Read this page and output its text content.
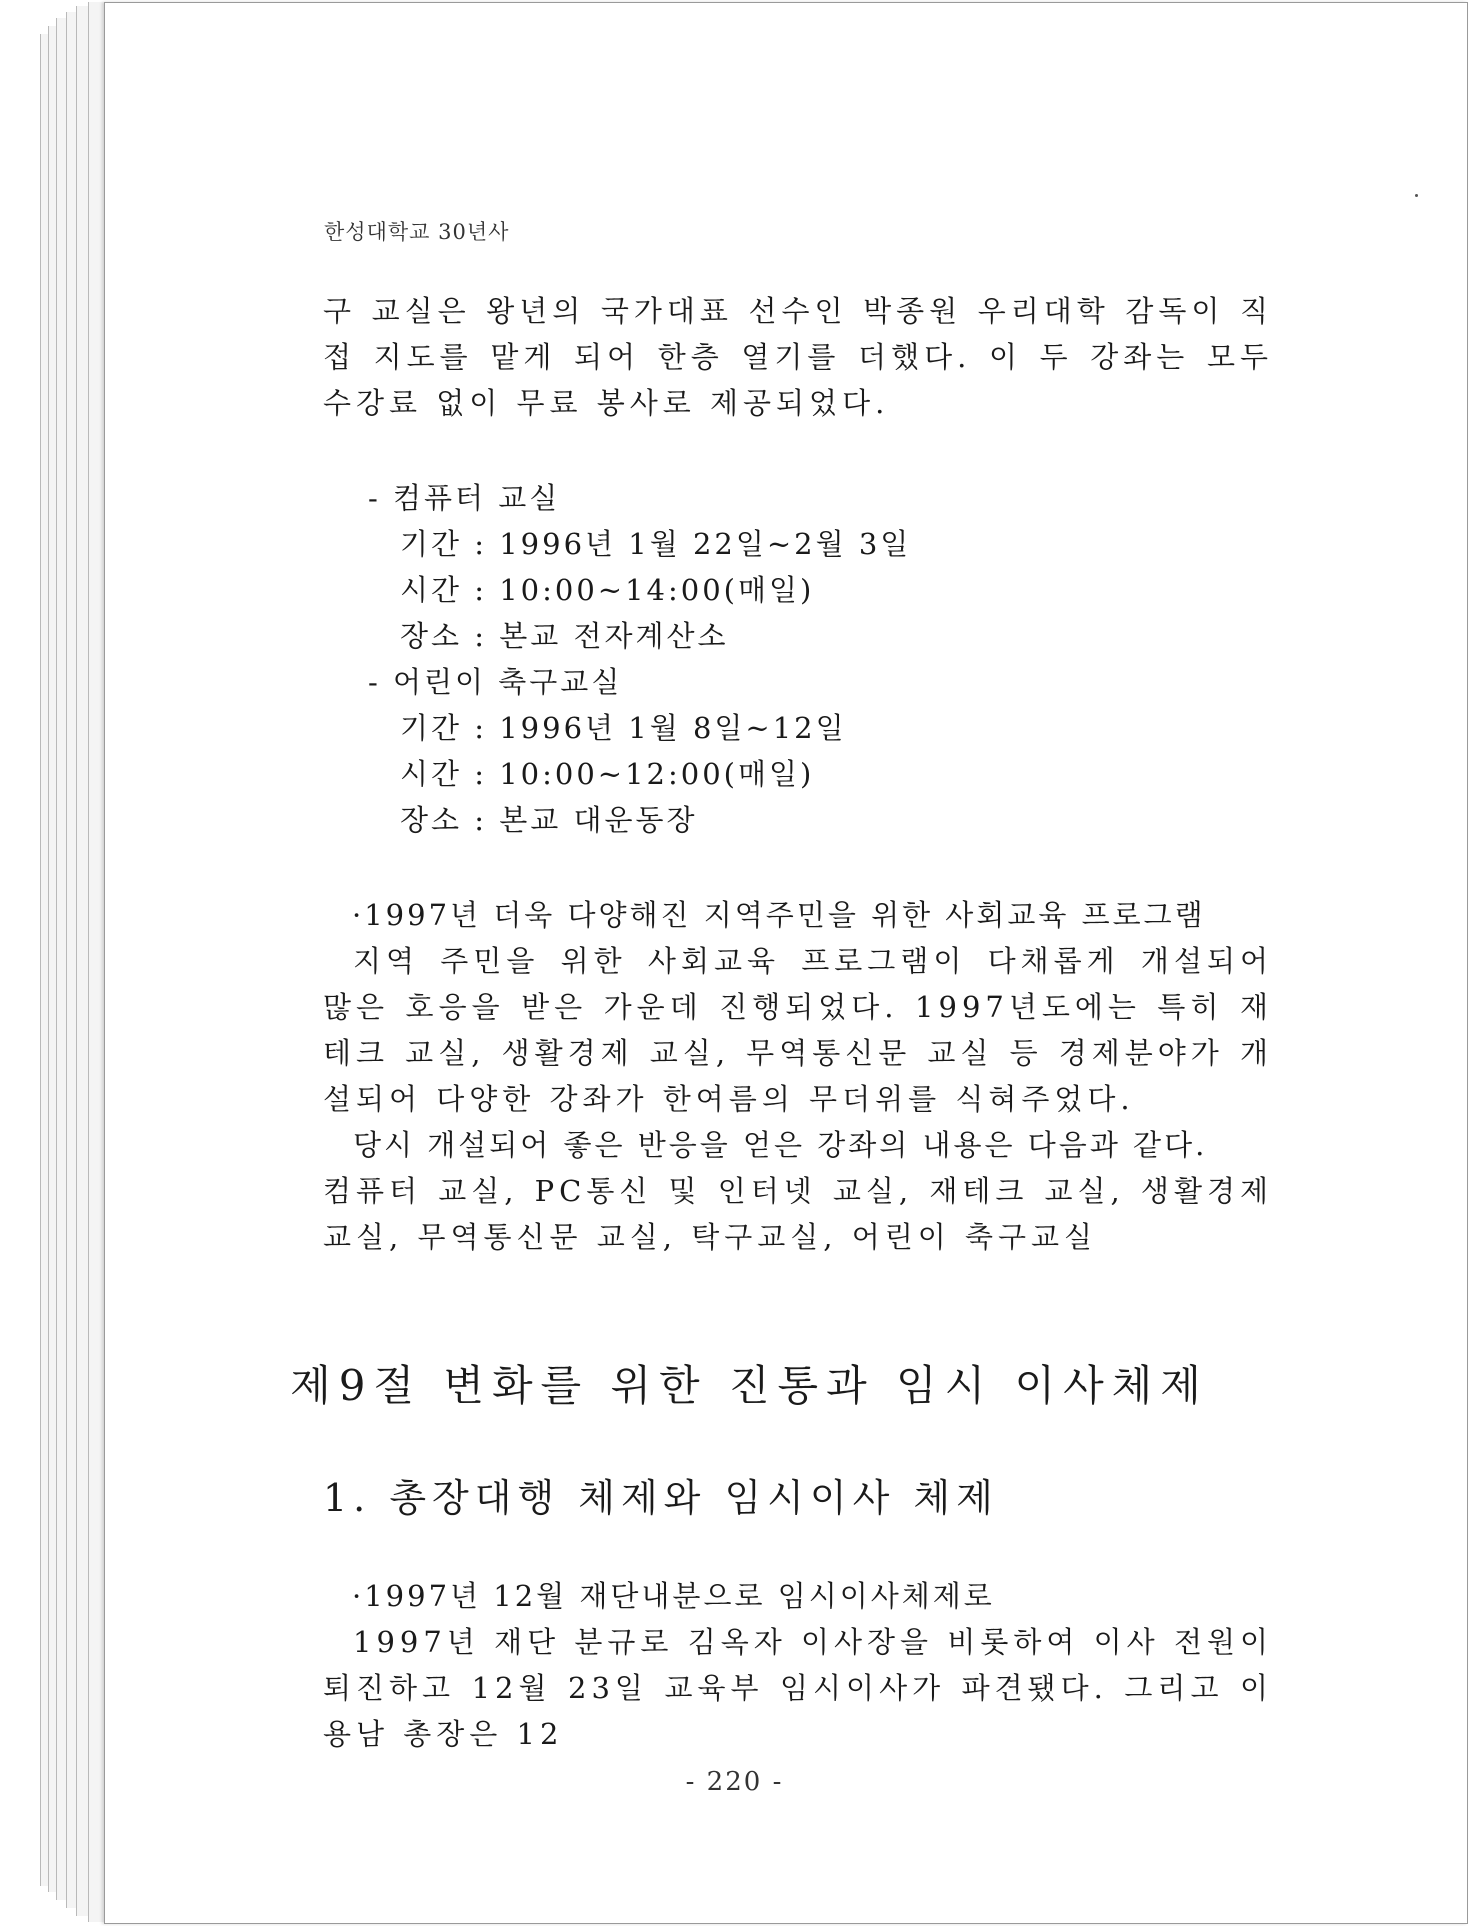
한성대학교 30년사

구 교실은 왕년의 국가대표 선수인 박종원 우리대학 감독이 직접 지도를 맡게 되어 한층 열기를 더했다. 이 두 강좌는 모두 수강료 없이 무료 봉사로 제공되었다.

- 컴퓨터 교실
기간 : 1996년 1월 22일~2월 3일
시간 : 10:00~14:00(매일)
장소 : 본교 전자계산소
- 어린이 축구교실
기간 : 1996년 1월 8일~12일
시간 : 10:00~12:00(매일)
장소 : 본교 대운동장
·1997년 더욱 다양해진 지역주민을 위한 사회교육 프로그램

지역 주민을 위한 사회교육 프로그램이 다채롭게 개설되어 많은 호응을 받은 가운데 진행되었다. 1997년도에는 특히 재테크 교실, 생활경제 교실, 무역통신문 교실 등 경제분야가 개설되어 다양한 강좌가 한여름의 무더위를 식혀주었다.

당시 개설되어 좋은 반응을 얻은 강좌의 내용은 다음과 같다.

컴퓨터 교실, PC통신 및 인터넷 교실, 재테크 교실, 생활경제 교실, 무역통신문 교실, 탁구교실, 어린이 축구교실

제9절 변화를 위한 진통과 임시 이사체제
1. 총장대행 체제와 임시이사 체제
·1997년 12월 재단내분으로 임시이사체제로

1997년 재단 분규로 김옥자 이사장을 비롯하여 이사 전원이 퇴진하고 12월 23일 교육부 임시이사가 파견됐다. 그리고 이용남 총장은 12

- 220 -
